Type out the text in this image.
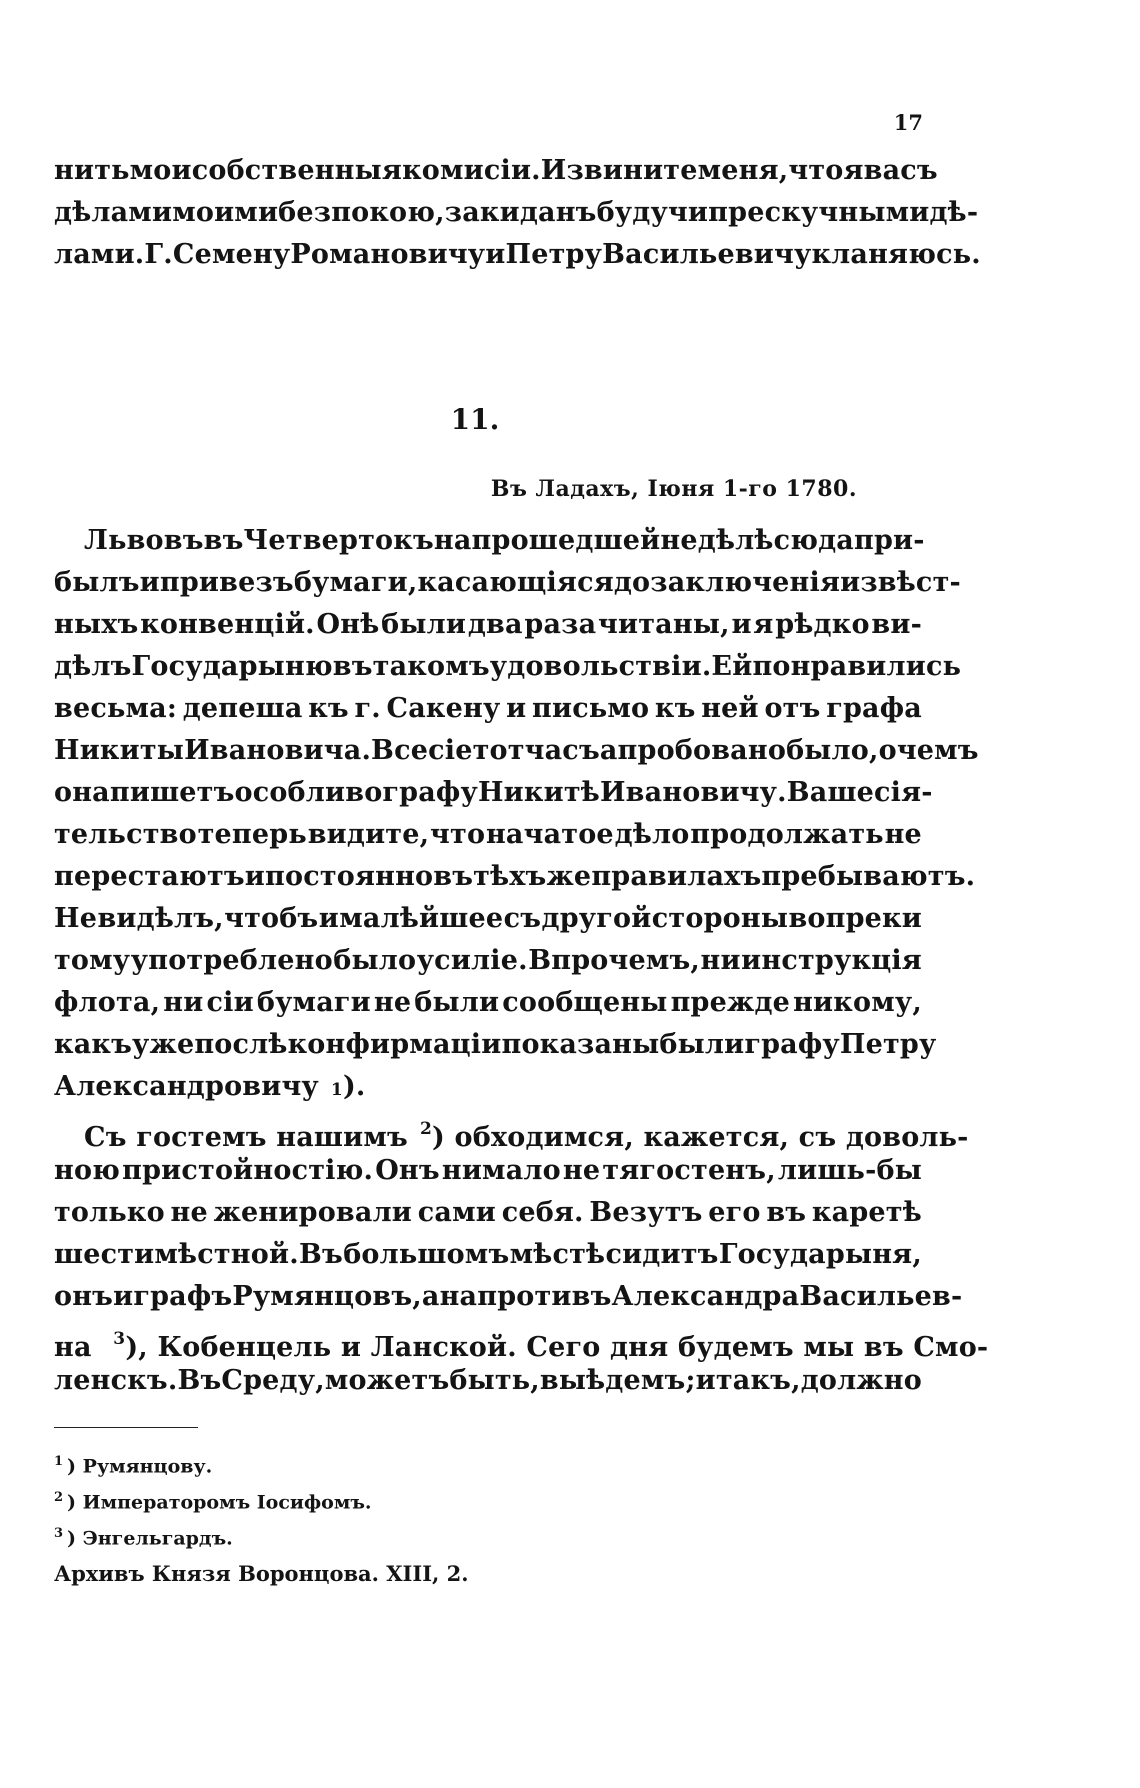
17
нить мои собственныя комисіи. Извините меня, что я васъ
дѣлами моими безпокою, закиданъ будучи прескучными дѣ-
лами. Г. Семену Романовичу и Петру Васильевичу кланяюсь.
11.
Въ Ладахъ, Іюня 1-го 1780.
Львовъ въ Четвертокъ на прошедшей недѣлѣ сюда при-
былъ и привезъ бумаги, касающіяся до заключенія извѣст-
ныхъ конвенцій. Онѣ были два раза читаны, и я рѣдко ви-
дѣлъ Государыню въ такомъ удовольствіи. Ей понравились
весьма: депеша къ г. Сакену и письмо къ ней отъ графа
Никиты Ивановича. Все сіе тотчасъ апробовано было, о чемъ
она пишетъ особливо графу Никитѣ Ивановичу. Ваше сія-
тельство теперь видите, что начатое дѣло продолжать не
перестаютъ и постоянно въ тѣхъ же правилахъ пребываютъ.
Не видѣлъ, чтобъ и малѣйшее съ другой стороны вопреки
тому употреблено было усиліе. Впрочемъ, ни инструкція
флота, ни сіи бумаги не были сообщены прежде никому,
какъ уже послѣ конфирмаціи показаны были графу Петру
Александровичу 1 ).
Съ гостемъ нашимъ $^2$) обходимся, кажется, съ доволь-
ною пристойностію. Онъ нимало не тягостенъ, лишь-бы
только не женировали сами себя. Везутъ его въ каретѣ
шестимѣстной. Въ большомъ мѣстѣ сидитъ Государыня,
онъ и графъ Румянцовъ, а напротивъ Александра Васильев-
на $^3$ ), Кобенцель и Ланской. Сего дня будемъ мы въ Смо-
ленскъ. Въ Среду, можетъ быть, выѣдемъ; и такъ, должно
$^1$ ) Румянцову.
$^2$ ) Императоромъ Іосифомъ.
$^3$ ) Энгельгардъ.
Архивъ Князя Воронцова. XIII, 2.
